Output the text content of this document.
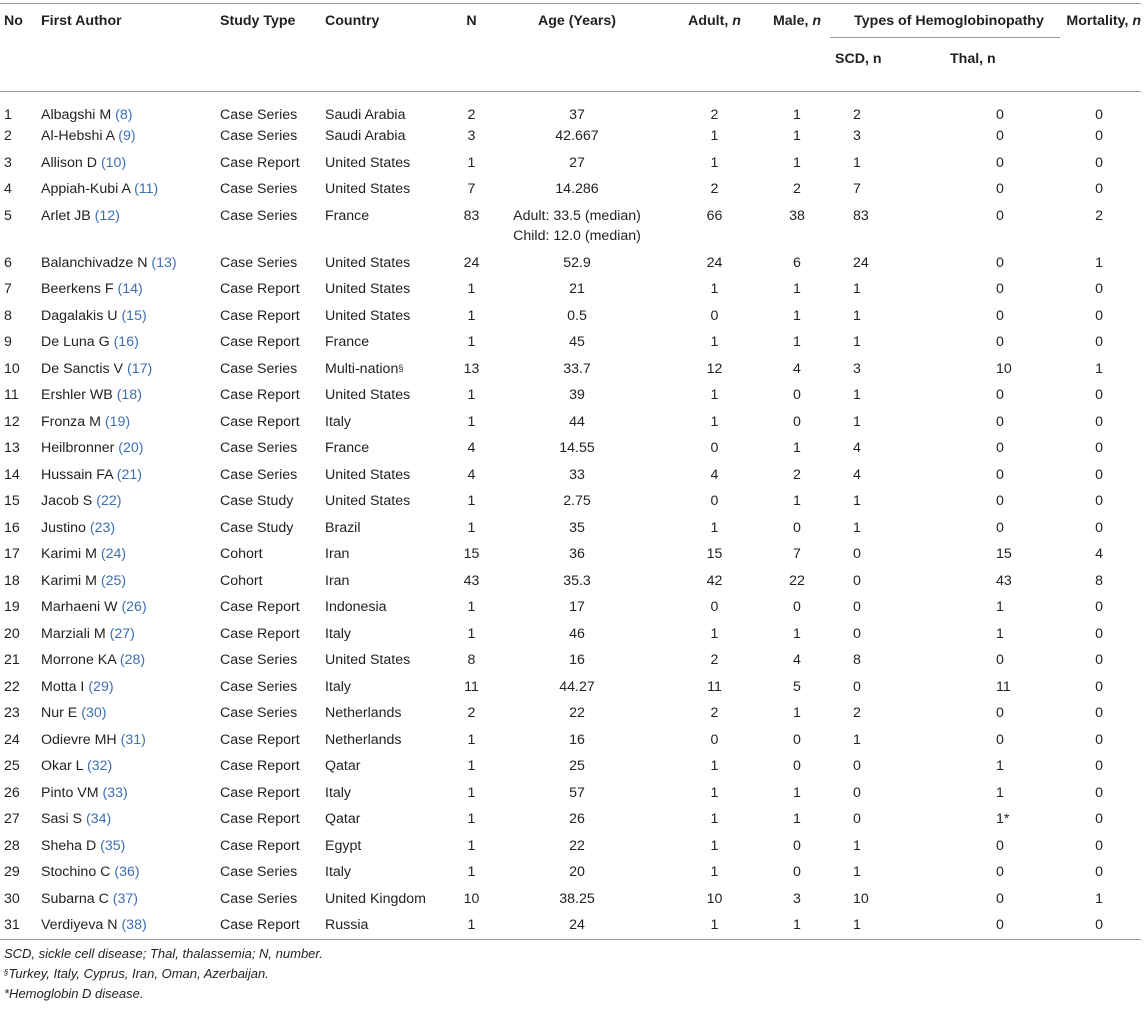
No	First Author	Study Type	Country	N	Age (Years)	Adult, n	Male, n	Types of Hemoglobinopathy		Mortality, n
								SCD, n	Thal, n	

1	Albagshi M (8)	Case Series	Saudi Arabia	2	37	2	1	2	0	0
2	Al-Hebshi A (9)	Case Series	Saudi Arabia	3	42.667	1	1	3	0	0
3	Allison D (10)	Case Report	United States	1	27	1	1	1	0	0
4	Appiah-Kubi A (11)	Case Series	United States	7	14.286	2	2	7	0	0
5	Arlet JB (12)	Case Series	France	83	Adult: 33.5 (median)
Child: 12.0 (median)	66	38	83	0	2
6	Balanchivadze N (13)	Case Series	United States	24	52.9	24	6	24	0	1
7	Beerkens F (14)	Case Report	United States	1	21	1	1	1	0	0
8	Dagalakis U (15)	Case Report	United States	1	0.5	0	1	1	0	0
9	De Luna G (16)	Case Report	France	1	45	1	1	1	0	0
10	De Sanctis V (17)	Case Series	Multi-nation§	13	33.7	12	4	3	10	1
11	Ershler WB (18)	Case Report	United States	1	39	1	0	1	0	0
12	Fronza M (19)	Case Report	Italy	1	44	1	0	1	0	0
13	Heilbronner (20)	Case Series	France	4	14.55	0	1	4	0	0
14	Hussain FA (21)	Case Series	United States	4	33	4	2	4	0	0
15	Jacob S (22)	Case Study	United States	1	2.75	0	1	1	0	0
16	Justino (23)	Case Study	Brazil	1	35	1	0	1	0	0
17	Karimi M (24)	Cohort	Iran	15	36	15	7	0	15	4
18	Karimi M (25)	Cohort	Iran	43	35.3	42	22	0	43	8
19	Marhaeni W (26)	Case Report	Indonesia	1	17	0	0	0	1	0
20	Marziali M (27)	Case Report	Italy	1	46	1	1	0	1	0
21	Morrone KA (28)	Case Series	United States	8	16	2	4	8	0	0
22	Motta I (29)	Case Series	Italy	11	44.27	11	5	0	11	0
23	Nur E (30)	Case Series	Netherlands	2	22	2	1	2	0	0
24	Odievre MH (31)	Case Report	Netherlands	1	16	0	0	1	0	0
25	Okar L (32)	Case Report	Qatar	1	25	1	0	0	1	0
26	Pinto VM (33)	Case Report	Italy	1	57	1	1	0	1	0
27	Sasi S (34)	Case Report	Qatar	1	26	1	1	0	1*	0
28	Sheha D (35)	Case Report	Egypt	1	22	1	0	1	0	0
29	Stochino C (36)	Case Series	Italy	1	20	1	0	1	0	0
30	Subarna C (37)	Case Series	United Kingdom	10	38.25	10	3	10	0	1
31	Verdiyeva N (38)	Case Report	Russia	1	24	1	1	1	0	0
SCD, sickle cell disease; Thal, thalassemia; N, number.
§Turkey, Italy, Cyprus, Iran, Oman, Azerbaijan.
*Hemoglobin D disease.
